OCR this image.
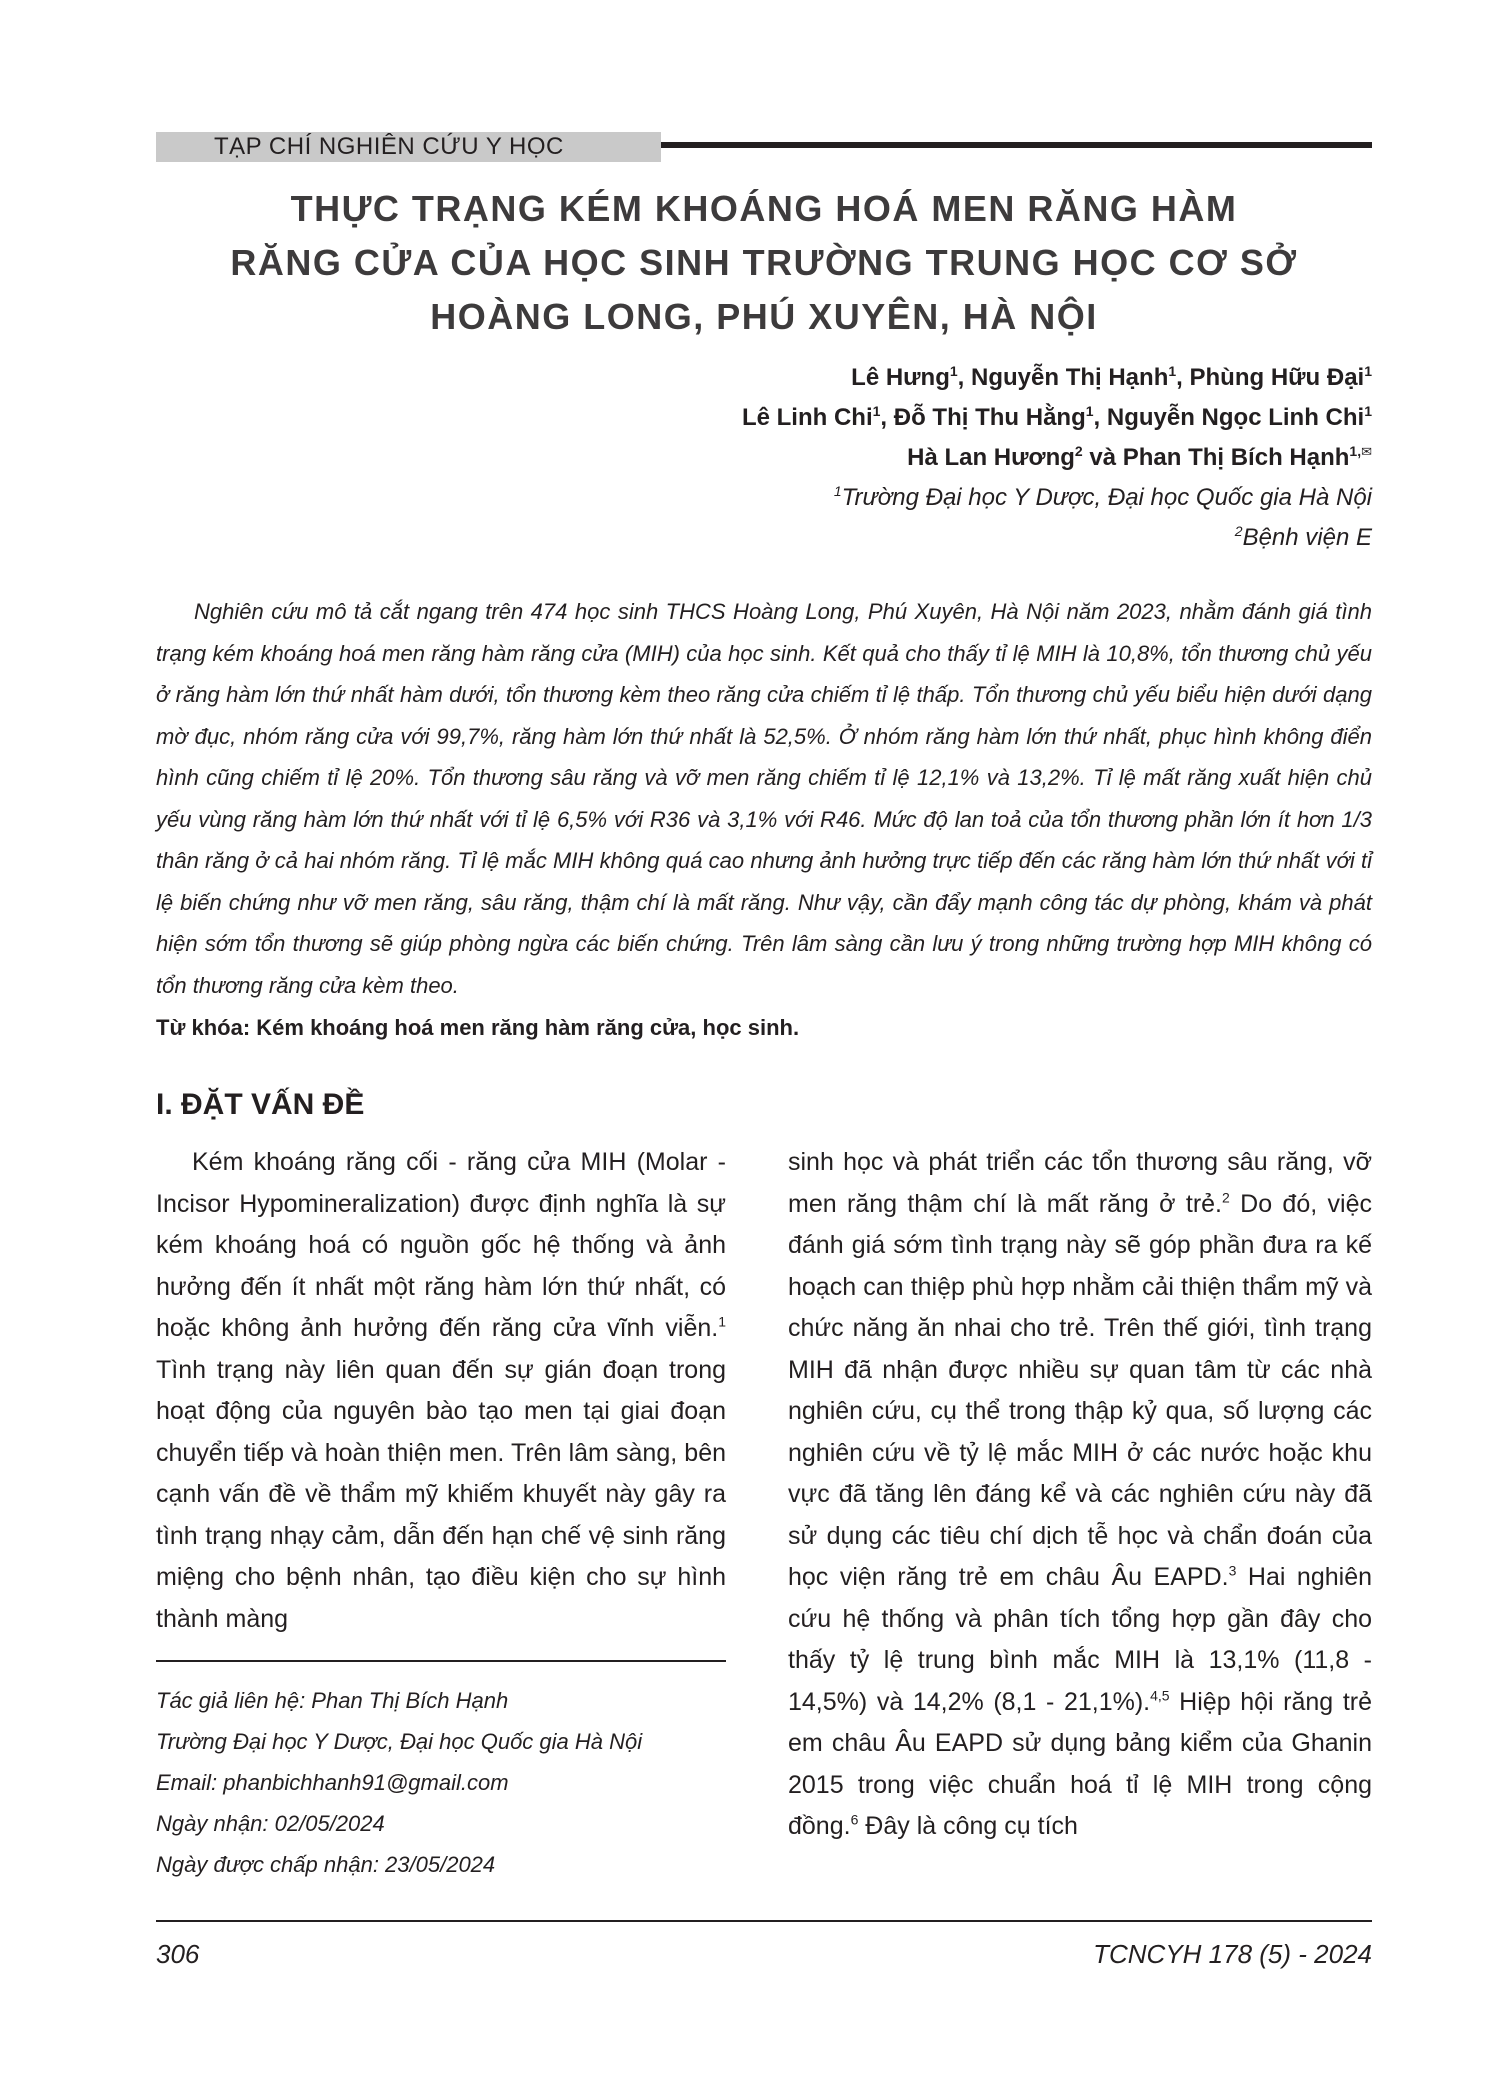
TẠP CHÍ NGHIÊN CỨU Y HỌC
THỰC TRẠNG KÉM KHOÁNG HOÁ MEN RĂNG HÀM
RĂNG CỬA CỦA HỌC SINH TRƯỜNG TRUNG HỌC CƠ SỞ
HOÀNG LONG, PHÚ XUYÊN, HÀ NỘI
Lê Hưng$^1$, Nguyễn Thị Hạnh$^1$, Phùng Hữu Đại$^1$
Lê Linh Chi$^1$, Đỗ Thị Thu Hằng$^1$, Nguyễn Ngọc Linh Chi$^1$
Hà Lan Hương$^2$ và Phan Thị Bích Hạnh$^{1,✉}$
$^1$Trường Đại học Y Dược, Đại học Quốc gia Hà Nội
$^2$Bệnh viện E
Nghiên cứu mô tả cắt ngang trên 474 học sinh THCS Hoàng Long, Phú Xuyên, Hà Nội năm 2023, nhằm đánh giá tình trạng kém khoáng hoá men răng hàm răng cửa (MIH) của học sinh. Kết quả cho thấy tỉ lệ MIH là 10,8%, tổn thương chủ yếu ở răng hàm lớn thứ nhất hàm dưới, tổn thương kèm theo răng cửa chiếm tỉ lệ thấp. Tổn thương chủ yếu biểu hiện dưới dạng mờ đục, nhóm răng cửa với 99,7%, răng hàm lớn thứ nhất là 52,5%. Ở nhóm răng hàm lớn thứ nhất, phục hình không điển hình cũng chiếm tỉ lệ 20%. Tổn thương sâu răng và vỡ men răng chiếm tỉ lệ 12,1% và 13,2%. Tỉ lệ mất răng xuất hiện chủ yếu vùng răng hàm lớn thứ nhất với tỉ lệ 6,5% với R36 và 3,1% với R46. Mức độ lan toả của tổn thương phần lớn ít hơn 1/3 thân răng ở cả hai nhóm răng. Tỉ lệ mắc MIH không quá cao nhưng ảnh hưởng trực tiếp đến các răng hàm lớn thứ nhất với tỉ lệ biến chứng như vỡ men răng, sâu răng, thậm chí là mất răng. Như vậy, cần đẩy mạnh công tác dự phòng, khám và phát hiện sớm tổn thương sẽ giúp phòng ngừa các biến chứng. Trên lâm sàng cần lưu ý trong những trường hợp MIH không có tổn thương răng cửa kèm theo.
Từ khóa: Kém khoáng hoá men răng hàm răng cửa, học sinh.
I. ĐẶT VẤN ĐỀ

Kém khoáng răng cối - răng cửa MIH (Molar - Incisor Hypomineralization) được định nghĩa là sự kém khoáng hoá có nguồn gốc hệ thống và ảnh hưởng đến ít nhất một răng hàm lớn thứ nhất, có hoặc không ảnh hưởng đến răng cửa vĩnh viễn.

$^1$

Tình trạng này liên quan đến sự gián đoạn trong hoạt động của nguyên bào tạo men tại giai đoạn chuyển tiếp và hoàn thiện men. Trên lâm sàng, bên cạnh vấn đề về thẩm mỹ khiếm khuyết này gây ra tình trạng nhạy cảm, dẫn đến hạn chế vệ sinh răng miệng cho bệnh nhân, tạo điều kiện cho sự hình thành màng

Tác giả liên hệ: Phan Thị Bích Hạnh
Trường Đại học Y Dược, Đại học Quốc gia Hà Nội
Email: phanbichhanh91@gmail.com
Ngày nhận: 02/05/2024
Ngày được chấp nhận: 23/05/2024

sinh học và phát triển các tổn thương sâu răng, vỡ men răng thậm chí là mất răng ở trẻ.

$^2$

Do đó, việc đánh giá sớm tình trạng này sẽ góp phần đưa ra kế hoạch can thiệp phù hợp nhằm cải thiện thẩm mỹ và chức năng ăn nhai cho trẻ. Trên thế giới, tình trạng MIH đã nhận được nhiều sự quan tâm từ các nhà nghiên cứu, cụ thể trong thập kỷ qua, số lượng các nghiên cứu về tỷ lệ mắc MIH ở các nước hoặc khu vực đã tăng lên đáng kể và các nghiên cứu này đã sử dụng các tiêu chí dịch tễ học và chẩn đoán của học viện răng trẻ em châu Âu EAPD.

$^3$

Hai nghiên cứu hệ thống và phân tích tổng hợp gần đây cho thấy tỷ lệ trung bình mắc MIH là 13,1% (11,8 - 14,5%) và 14,2% (8,1 - 21,1%).

$^{4,5}$

Hiệp hội răng trẻ em châu Âu EAPD sử dụng bảng kiểm của Ghanin 2015 trong việc chuẩn hoá tỉ lệ MIH trong cộng đồng.

$^6$

Đây là công cụ tích

306	TCNCYH 178 (5) - 2024
